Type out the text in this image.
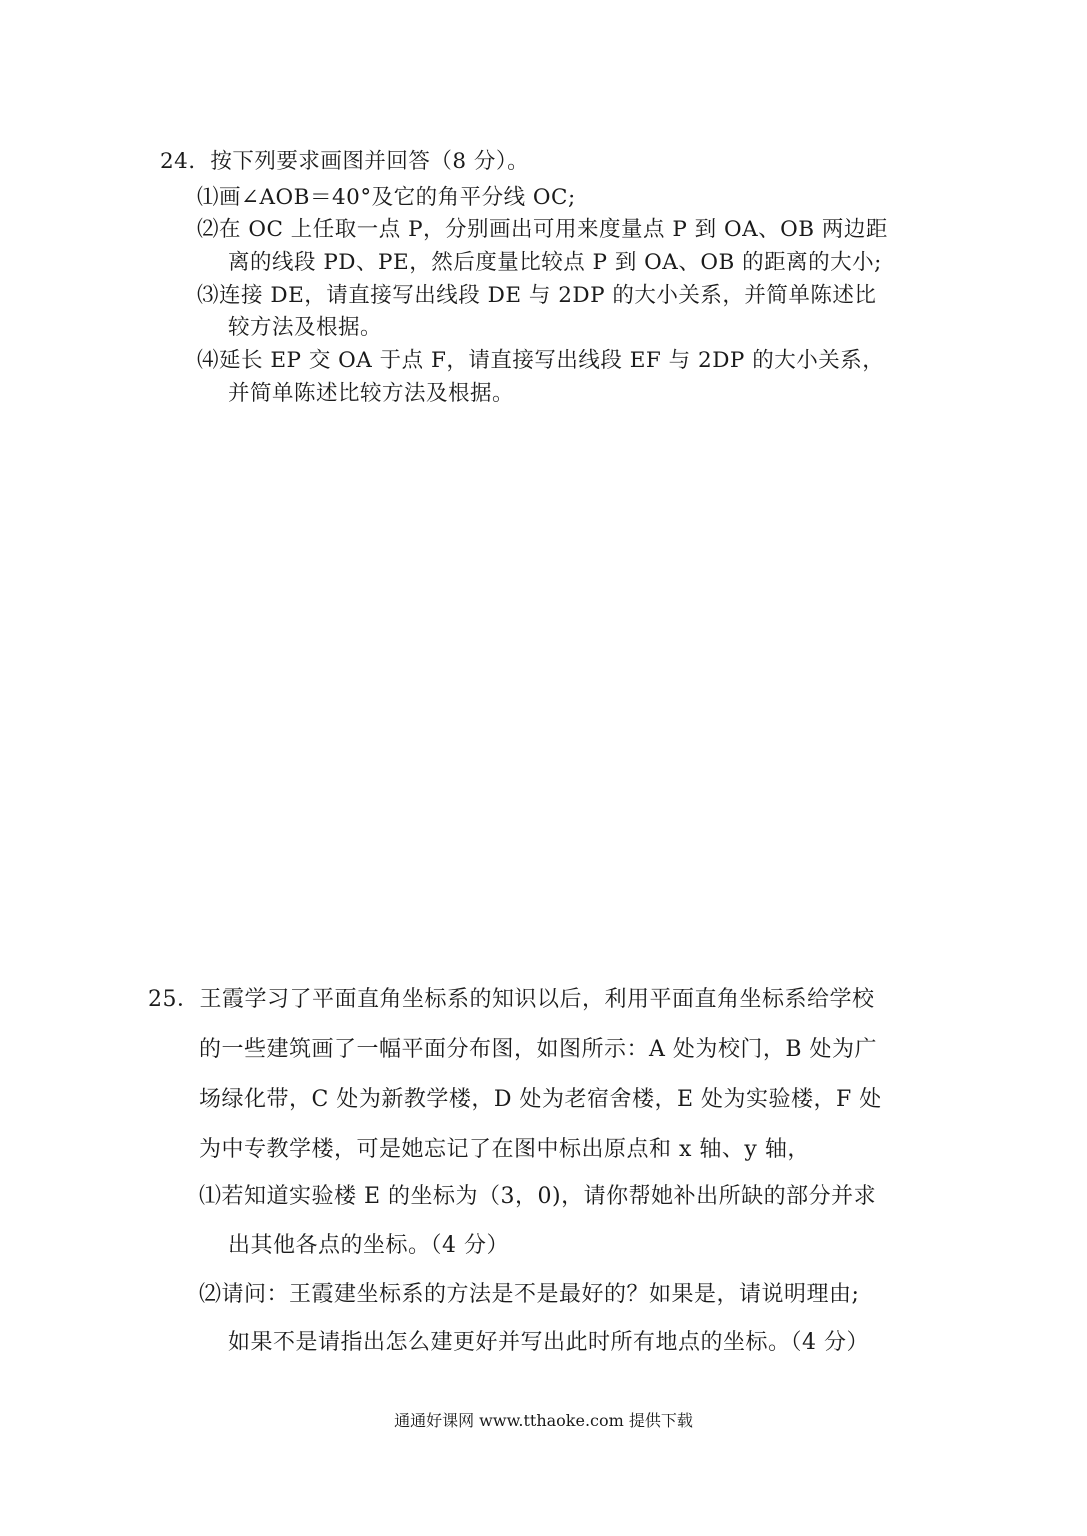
24．按下列要求画图并回答（8 分）。
⑴画∠AOB＝40°及它的角平分线 OC;
⑵在 OC 上任取一点 P，分别画出可用来度量点 P 到 OA、OB 两边距
离的线段 PD、PE，然后度量比较点 P 到 OA、OB 的距离的大小;
⑶连接 DE，请直接写出线段 DE 与 2DP 的大小关系，并简单陈述比
较方法及根据。
⑷延长 EP 交 OA 于点 F，请直接写出线段 EF 与 2DP 的大小关系，
并简单陈述比较方法及根据。
25．王霞学习了平面直角坐标系的知识以后，利用平面直角坐标系给学校
的一些建筑画了一幅平面分布图，如图所示：A 处为校门，B 处为广
场绿化带，C 处为新教学楼，D 处为老宿舍楼，E 处为实验楼，F 处
为中专教学楼，可是她忘记了在图中标出原点和 x 轴、y 轴，
⑴若知道实验楼 E 的坐标为（3，0)，请你帮她补出所缺的部分并求
出其他各点的坐标。（4 分）
⑵请问：王霞建坐标系的方法是不是最好的？如果是，请说明理由;
如果不是请指出怎么建更好并写出此时所有地点的坐标。（4 分）
通通好课网 www.tthaoke.com 提供下载
